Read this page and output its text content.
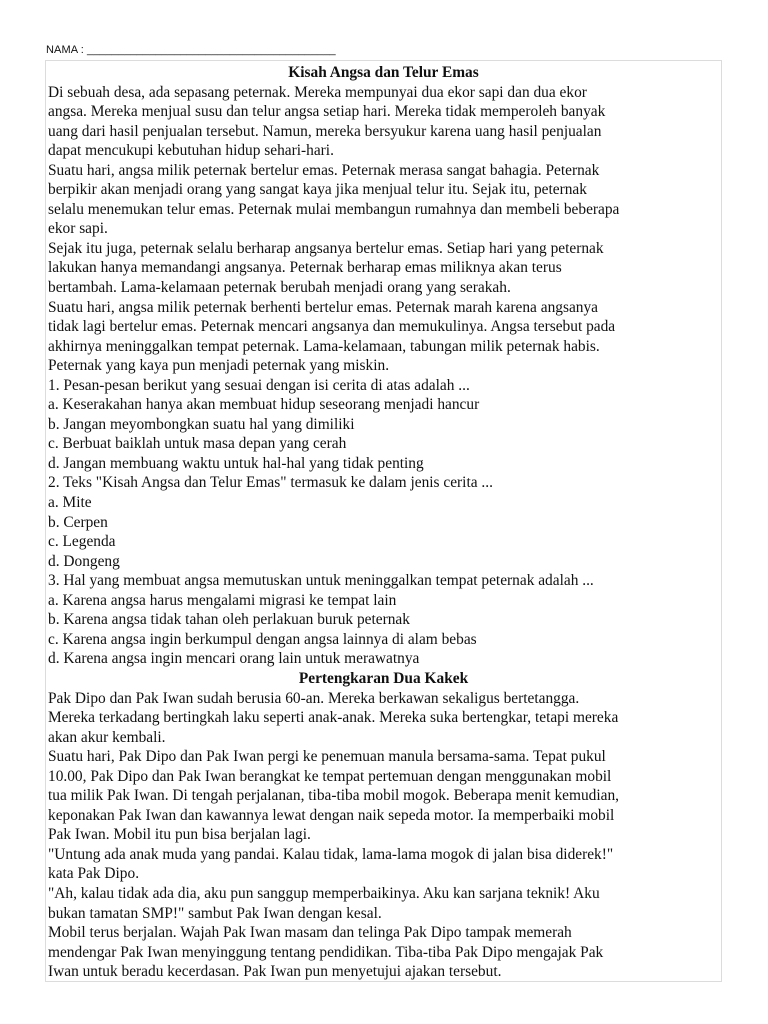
NAMA : ________________________________________
Kisah Angsa dan Telur Emas
Di sebuah desa, ada sepasang peternak. Mereka mempunyai dua ekor sapi dan dua ekor
angsa. Mereka menjual susu dan telur angsa setiap hari. Mereka tidak memperoleh banyak
uang dari hasil penjualan tersebut. Namun, mereka bersyukur karena uang hasil penjualan
dapat mencukupi kebutuhan hidup sehari-hari.
Suatu hari, angsa milik peternak bertelur emas. Peternak merasa sangat bahagia. Peternak
berpikir akan menjadi orang yang sangat kaya jika menjual telur itu. Sejak itu, peternak
selalu menemukan telur emas. Peternak mulai membangun rumahnya dan membeli beberapa
ekor sapi.
Sejak itu juga, peternak selalu berharap angsanya bertelur emas. Setiap hari yang peternak
lakukan hanya memandangi angsanya. Peternak berharap emas miliknya akan terus
bertambah. Lama-kelamaan peternak berubah menjadi orang yang serakah.
Suatu hari, angsa milik peternak berhenti bertelur emas. Peternak marah karena angsanya
tidak lagi bertelur emas. Peternak mencari angsanya dan memukulinya. Angsa tersebut pada
akhirnya meninggalkan tempat peternak. Lama-kelamaan, tabungan milik peternak habis.
Peternak yang kaya pun menjadi peternak yang miskin.
1. Pesan-pesan berikut yang sesuai dengan isi cerita di atas adalah ...
a. Keserakahan hanya akan membuat hidup seseorang menjadi hancur
b. Jangan meyombongkan suatu hal yang dimiliki
c. Berbuat baiklah untuk masa depan yang cerah
d. Jangan membuang waktu untuk hal-hal yang tidak penting
2. Teks "Kisah Angsa dan Telur Emas" termasuk ke dalam jenis cerita ...
a. Mite
b. Cerpen
c. Legenda
d. Dongeng
3. Hal yang membuat angsa memutuskan untuk meninggalkan tempat peternak adalah ...
a. Karena angsa harus mengalami migrasi ke tempat lain
b. Karena angsa tidak tahan oleh perlakuan buruk peternak
c. Karena angsa ingin berkumpul dengan angsa lainnya di alam bebas
d. Karena angsa ingin mencari orang lain untuk merawatnya
Pertengkaran Dua Kakek
Pak Dipo dan Pak Iwan sudah berusia 60-an. Mereka berkawan sekaligus bertetangga.
Mereka terkadang bertingkah laku seperti anak-anak. Mereka suka bertengkar, tetapi mereka
akan akur kembali.
Suatu hari, Pak Dipo dan Pak Iwan pergi ke penemuan manula bersama-sama. Tepat pukul
10.00, Pak Dipo dan Pak Iwan berangkat ke tempat pertemuan dengan menggunakan mobil
tua milik Pak Iwan. Di tengah perjalanan, tiba-tiba mobil mogok. Beberapa menit kemudian,
keponakan Pak Iwan dan kawannya lewat dengan naik sepeda motor. Ia memperbaiki mobil
Pak Iwan. Mobil itu pun bisa berjalan lagi.
"Untung ada anak muda yang pandai. Kalau tidak, lama-lama mogok di jalan bisa diderek!"
kata Pak Dipo.
"Ah, kalau tidak ada dia, aku pun sanggup memperbaikinya. Aku kan sarjana teknik! Aku
bukan tamatan SMP!" sambut Pak Iwan dengan kesal.
Mobil terus berjalan. Wajah Pak Iwan masam dan telinga Pak Dipo tampak memerah
mendengar Pak Iwan menyinggung tentang pendidikan. Tiba-tiba Pak Dipo mengajak Pak
Iwan untuk beradu kecerdasan. Pak Iwan pun menyetujui ajakan tersebut.
